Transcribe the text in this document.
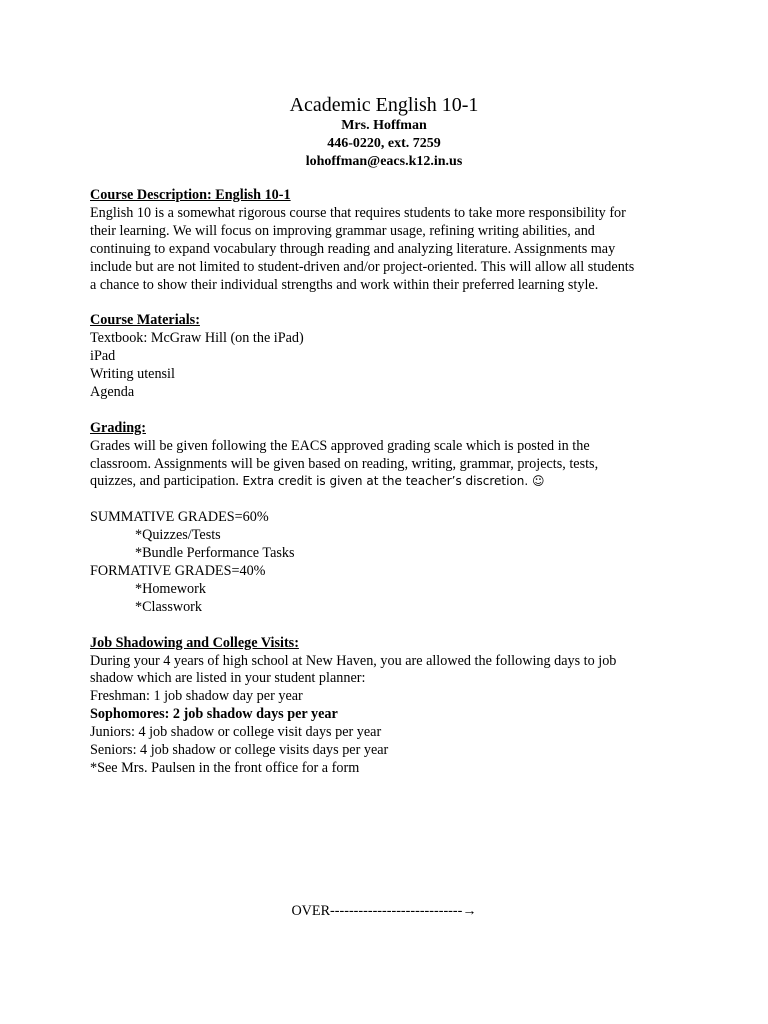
Academic English 10-1
Mrs. Hoffman
446-0220, ext. 7259
lohoffman@eacs.k12.in.us
Course Description: English 10-1
English 10 is a somewhat rigorous course that requires students to take more responsibility for
their learning. We will focus on improving grammar usage, refining writing abilities, and
continuing to expand vocabulary through reading and analyzing literature. Assignments may
include but are not limited to student-driven and/or project-oriented. This will allow all students
a chance to show their individual strengths and work within their preferred learning style.
Course Materials:
Textbook: McGraw Hill (on the iPad)
iPad
Writing utensil
Agenda
Grading:
Grades will be given following the EACS approved grading scale which is posted in the
classroom. Assignments will be given based on reading, writing, grammar, projects, tests,
quizzes, and participation. Extra credit is given at the teacher’s discretion. ☺
SUMMATIVE GRADES=60%
*Quizzes/Tests
*Bundle Performance Tasks
FORMATIVE GRADES=40%
*Homework
*Classwork
Job Shadowing and College Visits:
During your 4 years of high school at New Haven, you are allowed the following days to job
shadow which are listed in your student planner:
Freshman: 1 job shadow day per year
Sophomores: 2 job shadow days per year
Juniors: 4 job shadow or college visit days per year
Seniors: 4 job shadow or college visits days per year
*See Mrs. Paulsen in the front office for a form
OVER----------------------------→
